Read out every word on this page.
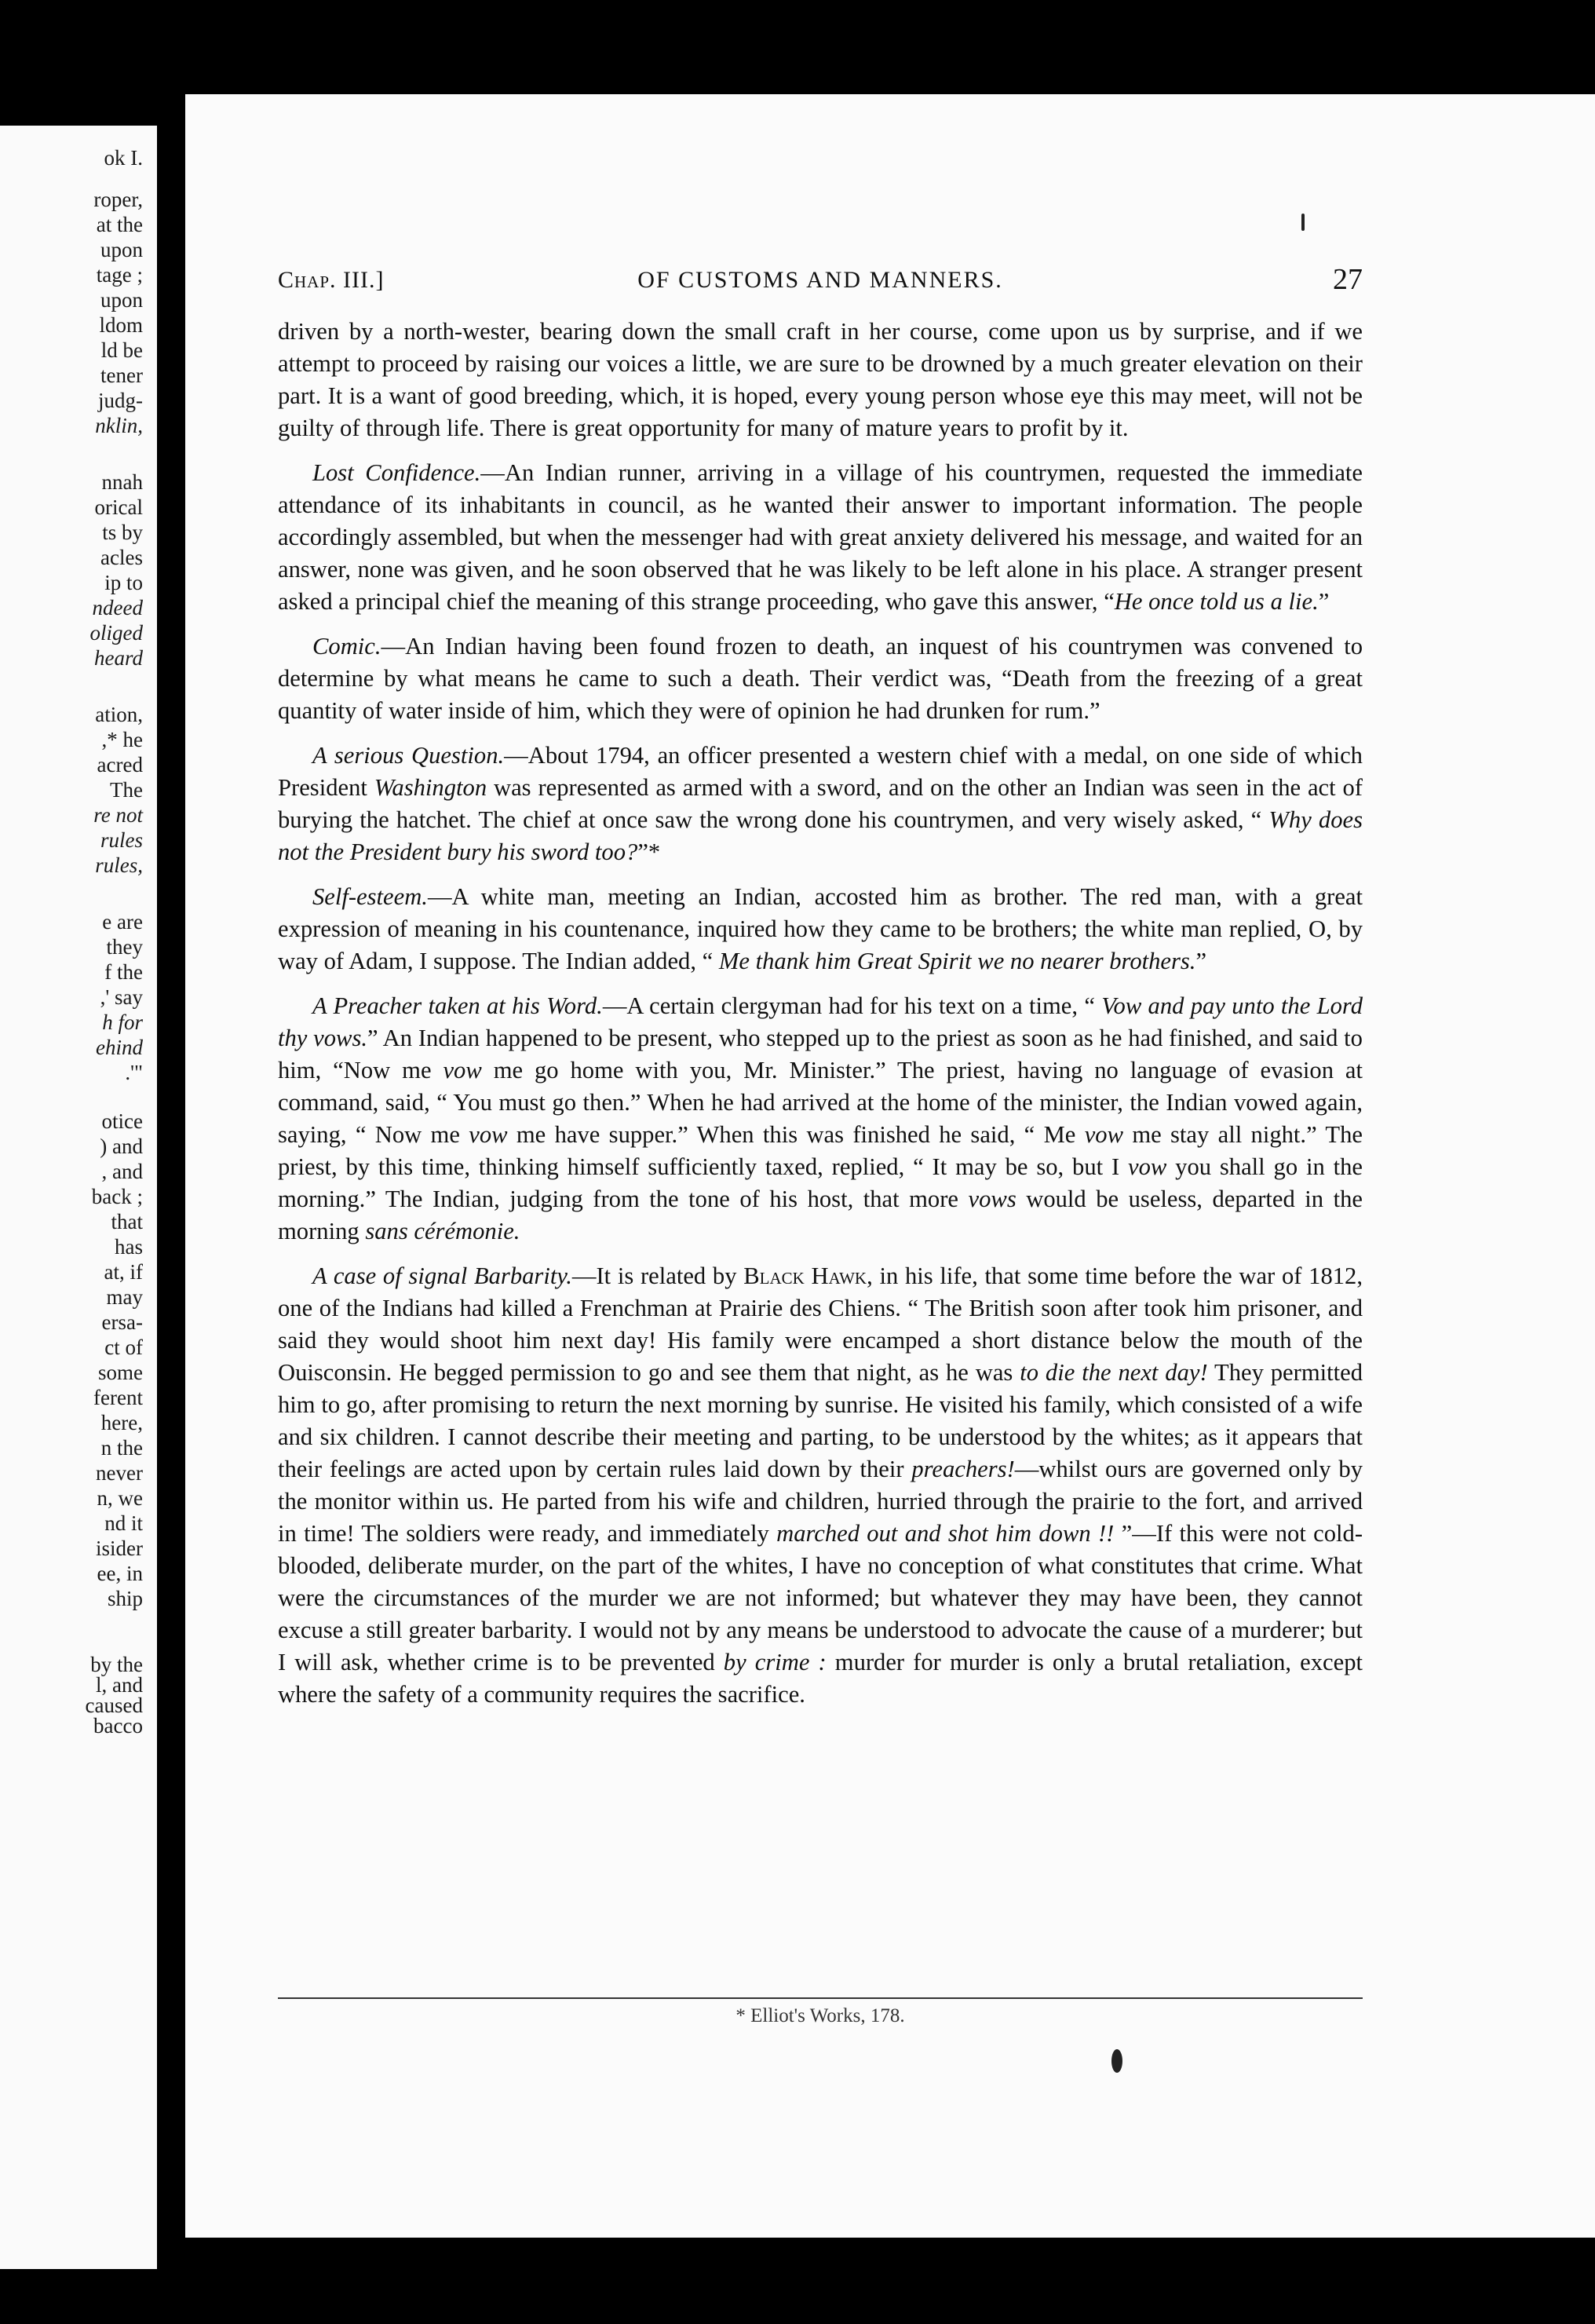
ok I.
roper,
at the
upon
tage ;
upon
ldom
ld be
tener
judg-
nklin,
nnah
orical
ts by
acles
ip to
ndeed
oliged
heard
ation,
,* he
acred
The
re not
rules
rules,
e are
they
f the
,' say
h for
ehind
.'"
otice
) and
, and
back ;
that
has
at, if
may
ersa-
ct of
some
ferent
here,
n the
never
n, we
nd it
isider
ee, in
ship
by the
l, and
caused
bacco
Chap. III.]	OF CUSTOMS AND MANNERS.	27

driven by a north-wester, bearing down the small craft in her course, come upon us by surprise, and if we attempt to proceed by raising our voices a little, we are sure to be drowned by a much greater elevation on their part. It is a want of good breeding, which, it is hoped, every young person whose eye this may meet, will not be guilty of through life. There is great opportunity for many of mature years to profit by it.

Lost Confidence.—An Indian runner, arriving in a village of his countrymen, requested the immediate attendance of its inhabitants in council, as he wanted their answer to important information. The people accordingly assembled, but when the messenger had with great anxiety delivered his message, and waited for an answer, none was given, and he soon observed that he was likely to be left alone in his place. A stranger present asked a principal chief the meaning of this strange proceeding, who gave this answer, “He once told us a lie.”

Comic.—An Indian having been found frozen to death, an inquest of his countrymen was convened to determine by what means he came to such a death. Their verdict was, “Death from the freezing of a great quantity of water inside of him, which they were of opinion he had drunken for rum.”

A serious Question.—About 1794, an officer presented a western chief with a medal, on one side of which President Washington was represented as armed with a sword, and on the other an Indian was seen in the act of burying the hatchet. The chief at once saw the wrong done his countrymen, and very wisely asked, “ Why does not the President bury his sword too?”*

Self-esteem.—A white man, meeting an Indian, accosted him as brother. The red man, with a great expression of meaning in his countenance, inquired how they came to be brothers; the white man replied, O, by way of Adam, I suppose. The Indian added, “ Me thank him Great Spirit we no nearer brothers.”

A Preacher taken at his Word.—A certain clergyman had for his text on a time, “ Vow and pay unto the Lord thy vows.” An Indian happened to be present, who stepped up to the priest as soon as he had finished, and said to him, “Now me vow me go home with you, Mr. Minister.” The priest, having no language of evasion at command, said, “ You must go then.” When he had arrived at the home of the minister, the Indian vowed again, saying, “ Now me vow me have supper.” When this was finished he said, “ Me vow me stay all night.” The priest, by this time, thinking himself sufficiently taxed, replied, “ It may be so, but I vow you shall go in the morning.” The Indian, judging from the tone of his host, that more vows would be useless, departed in the morning sans cérémonie.

A case of signal Barbarity.—It is related by Black Hawk, in his life, that some time before the war of 1812, one of the Indians had killed a Frenchman at Prairie des Chiens. “ The British soon after took him prisoner, and said they would shoot him next day! His family were encamped a short distance below the mouth of the Ouisconsin. He begged permission to go and see them that night, as he was to die the next day! They permitted him to go, after promising to return the next morning by sunrise. He visited his family, which consisted of a wife and six children. I cannot describe their meeting and parting, to be understood by the whites; as it appears that their feelings are acted upon by certain rules laid down by their preachers!—whilst ours are governed only by the monitor within us. He parted from his wife and children, hurried through the prairie to the fort, and arrived in time! The soldiers were ready, and immediately marched out and shot him down !! ”—If this were not cold-blooded, deliberate murder, on the part of the whites, I have no conception of what constitutes that crime. What were the circumstances of the murder we are not informed; but whatever they may have been, they cannot excuse a still greater barbarity. I would not by any means be understood to advocate the cause of a murderer; but I will ask, whether crime is to be prevented by crime : murder for murder is only a brutal retaliation, except where the safety of a community requires the sacrifice.

* Elliot's Works, 178.
